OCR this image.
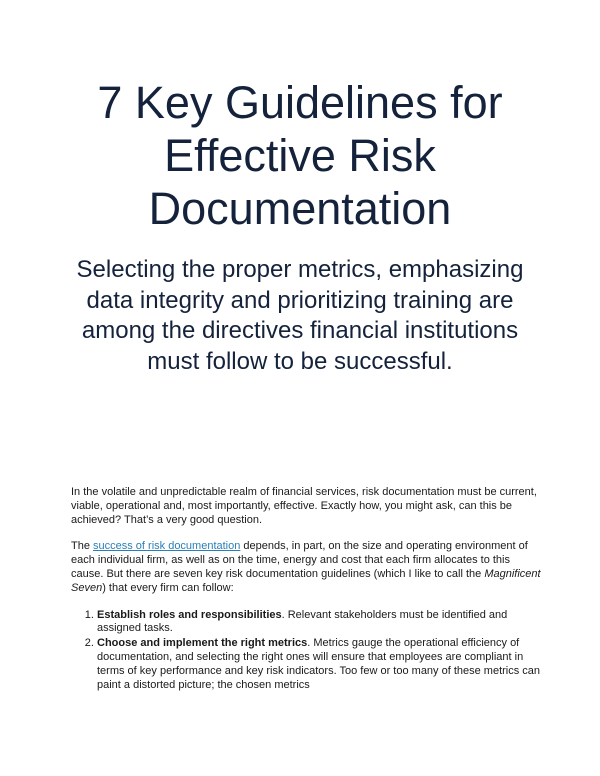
7 Key Guidelines for Effective Risk Documentation
Selecting the proper metrics, emphasizing data integrity and prioritizing training are among the directives financial institutions must follow to be successful.

In the volatile and unpredictable realm of financial services, risk documentation must be current, viable, operational and, most importantly, effective. Exactly how, you might ask, can this be achieved? That’s a very good question.

The success of risk documentation depends, in part, on the size and operating environment of each individual firm, as well as on the time, energy and cost that each firm allocates to this cause. But there are seven key risk documentation guidelines (which I like to call the Magnificent Seven) that every firm can follow:

1. Establish roles and responsibilities. Relevant stakeholders must be identified and assigned tasks.
2. Choose and implement the right metrics. Metrics gauge the operational efficiency of documentation, and selecting the right ones will ensure that employees are compliant in terms of key performance and key risk indicators. Too few or too many of these metrics can paint a distorted picture; the chosen metrics
